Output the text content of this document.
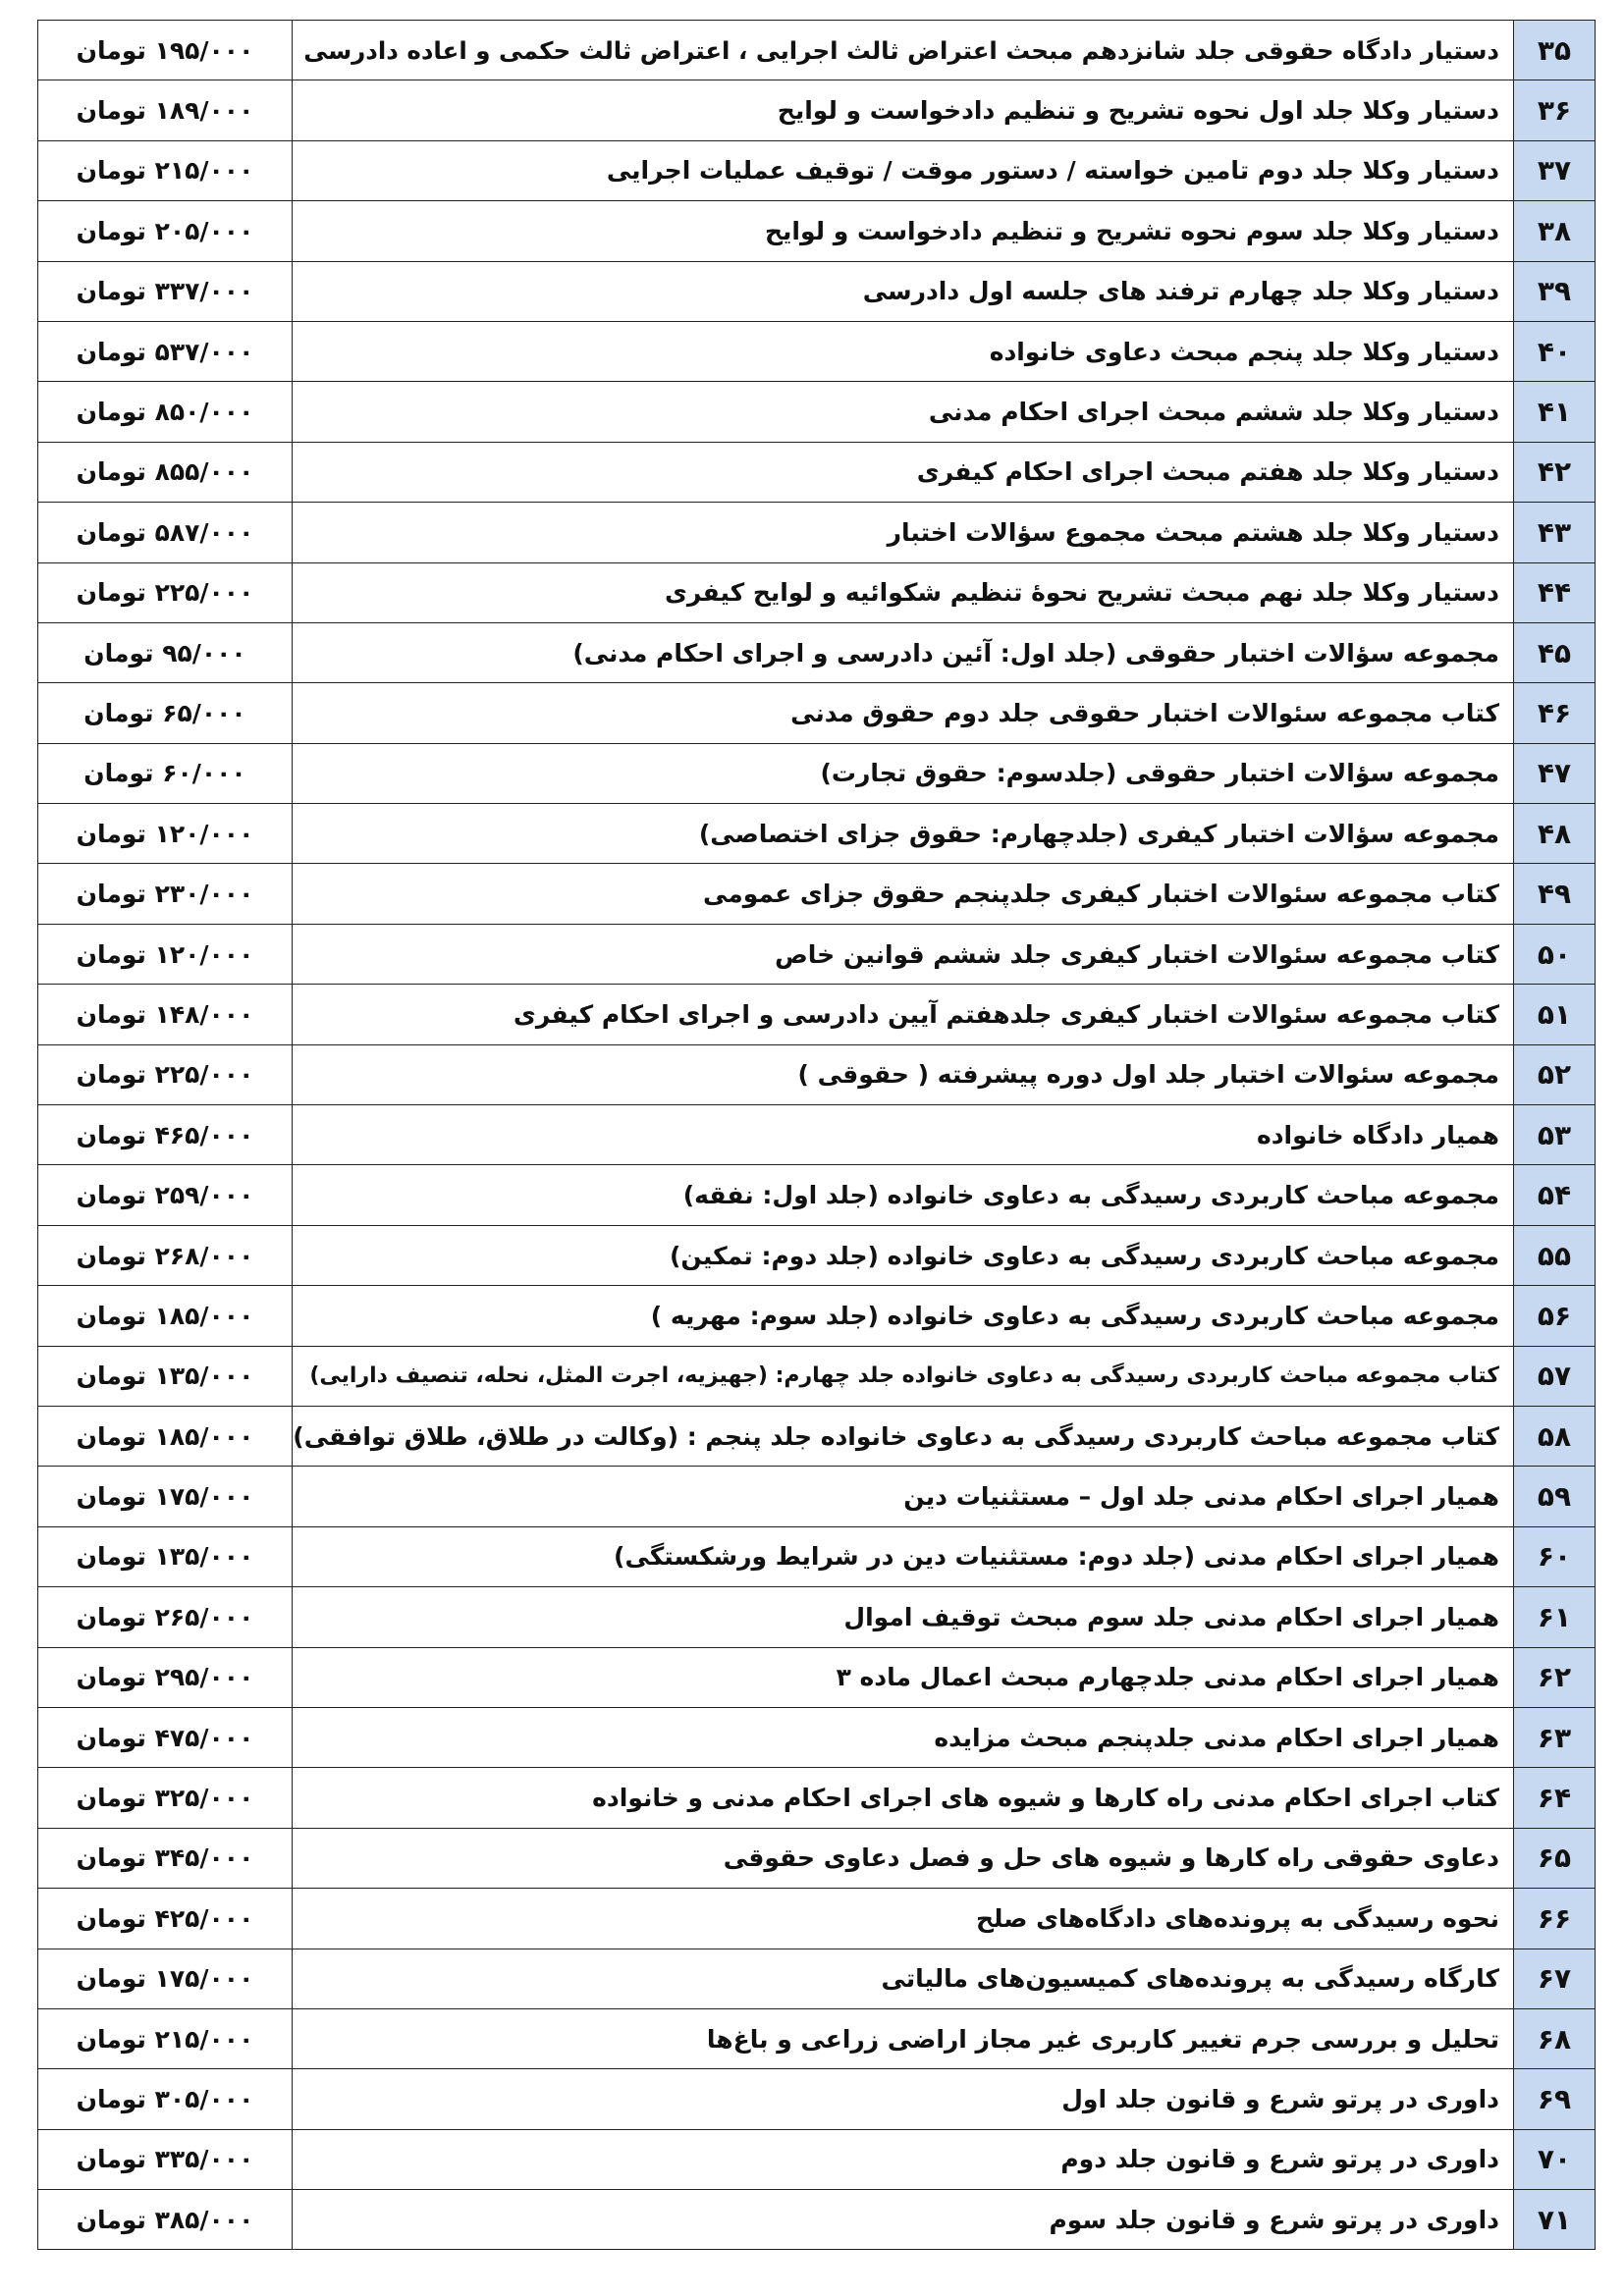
۳۵	دستیار دادگاه حقوقی جلد شانزدهم مبحث اعتراض ثالث اجرایی ، اعتراض ثالث حکمی و اعاده دادرسی	۱۹۵/۰۰۰ تومان
۳۶	دستیار وکلا جلد اول نحوه تشریح و تنظیم دادخواست و لوایح	۱۸۹/۰۰۰ تومان
۳۷	دستیار وکلا جلد دوم تامین خواسته / دستور موقت / توقیف عملیات اجرایی	۲۱۵/۰۰۰ تومان
۳۸	دستیار وکلا جلد سوم نحوه تشریح و تنظیم دادخواست و لوایح	۲۰۵/۰۰۰ تومان
۳۹	دستیار وکلا جلد چهارم ترفند های جلسه اول دادرسی	۳۳۷/۰۰۰ تومان
۴۰	دستیار وکلا جلد پنجم مبحث دعاوی خانواده	۵۳۷/۰۰۰ تومان
۴۱	دستیار وکلا جلد ششم مبحث اجرای احکام مدنی	۸۵۰/۰۰۰ تومان
۴۲	دستیار وکلا جلد هفتم مبحث اجرای احکام کیفری	۸۵۵/۰۰۰ تومان
۴۳	دستیار وکلا جلد هشتم مبحث مجموع سؤالات اختبار	۵۸۷/۰۰۰ تومان
۴۴	دستیار وکلا جلد نهم مبحث تشریح نحوۀ تنظیم شکوائیه و لوایح کیفری	۲۲۵/۰۰۰ تومان
۴۵	مجموعه سؤالات اختبار حقوقی (جلد اول: آئین دادرسی و اجرای احکام مدنی)	۹۵/۰۰۰ تومان
۴۶	کتاب مجموعه سئوالات اختبار حقوقی جلد دوم حقوق مدنی	۶۵/۰۰۰ تومان
۴۷	مجموعه سؤالات اختبار حقوقی (جلدسوم: حقوق تجارت)	۶۰/۰۰۰ تومان
۴۸	مجموعه سؤالات اختبار کیفری (جلدچهارم: حقوق جزای اختصاصی)	۱۲۰/۰۰۰ تومان
۴۹	کتاب مجموعه سئوالات اختبار کیفری جلدپنجم حقوق جزای عمومی	۲۳۰/۰۰۰ تومان
۵۰	کتاب مجموعه سئوالات اختبار کیفری جلد ششم قوانین خاص	۱۲۰/۰۰۰ تومان
۵۱	کتاب مجموعه سئوالات اختبار کیفری جلدهفتم آیین دادرسی و اجرای احکام کیفری	۱۴۸/۰۰۰ تومان
۵۲	مجموعه سئوالات اختبار جلد اول دوره پیشرفته ( حقوقی )	۲۲۵/۰۰۰ تومان
۵۳	همیار دادگاه خانواده	۴۶۵/۰۰۰ تومان
۵۴	مجموعه مباحث کاربردی رسیدگی به دعاوی خانواده (جلد اول: نفقه)	۲۵۹/۰۰۰ تومان
۵۵	مجموعه مباحث کاربردی رسیدگی به دعاوی خانواده (جلد دوم: تمکین)	۲۶۸/۰۰۰ تومان
۵۶	مجموعه مباحث کاربردی رسیدگی به دعاوی خانواده (جلد سوم: مهریه )	۱۸۵/۰۰۰ تومان
۵۷	کتاب مجموعه مباحث کاربردی رسیدگی به دعاوی خانواده جلد چهارم: (جهیزیه، اجرت المثل، نحله، تنصیف دارایی)	۱۳۵/۰۰۰ تومان
۵۸	کتاب مجموعه مباحث کاربردی رسیدگی به دعاوی خانواده جلد پنجم : (وکالت در طلاق، طلاق توافقی)	۱۸۵/۰۰۰ تومان
۵۹	همیار اجرای احکام مدنی جلد اول – مستثنیات دین	۱۷۵/۰۰۰ تومان
۶۰	همیار اجرای احکام مدنی (جلد دوم: مستثنیات دین در شرایط ورشکستگی)	۱۳۵/۰۰۰ تومان
۶۱	همیار اجرای احکام مدنی جلد سوم مبحث توقیف اموال	۲۶۵/۰۰۰ تومان
۶۲	همیار اجرای احکام مدنی جلدچهارم مبحث اعمال ماده ۳	۲۹۵/۰۰۰ تومان
۶۳	همیار اجرای احکام مدنی جلدپنجم مبحث مزایده	۴۷۵/۰۰۰ تومان
۶۴	کتاب اجرای احکام مدنی راه کارها و شیوه های اجرای احکام مدنی و خانواده	۳۲۵/۰۰۰ تومان
۶۵	دعاوی حقوقی راه کارها و شیوه های حل و فصل دعاوی حقوقی	۳۴۵/۰۰۰ تومان
۶۶	نحوه رسیدگی به پرونده‌های دادگاه‌های صلح	۴۲۵/۰۰۰ تومان
۶۷	کارگاه رسیدگی به پرونده‌های کمیسیون‌های مالیاتی	۱۷۵/۰۰۰ تومان
۶۸	تحلیل و بررسی جرم تغییر کاربری غیر مجاز اراضی زراعی و باغ‌ها	۲۱۵/۰۰۰ تومان
۶۹	داوری در پرتو شرع و قانون جلد اول	۳۰۵/۰۰۰ تومان
۷۰	داوری در پرتو شرع و قانون جلد دوم	۳۳۵/۰۰۰ تومان
۷۱	داوری در پرتو شرع و قانون جلد سوم	۳۸۵/۰۰۰ تومان
